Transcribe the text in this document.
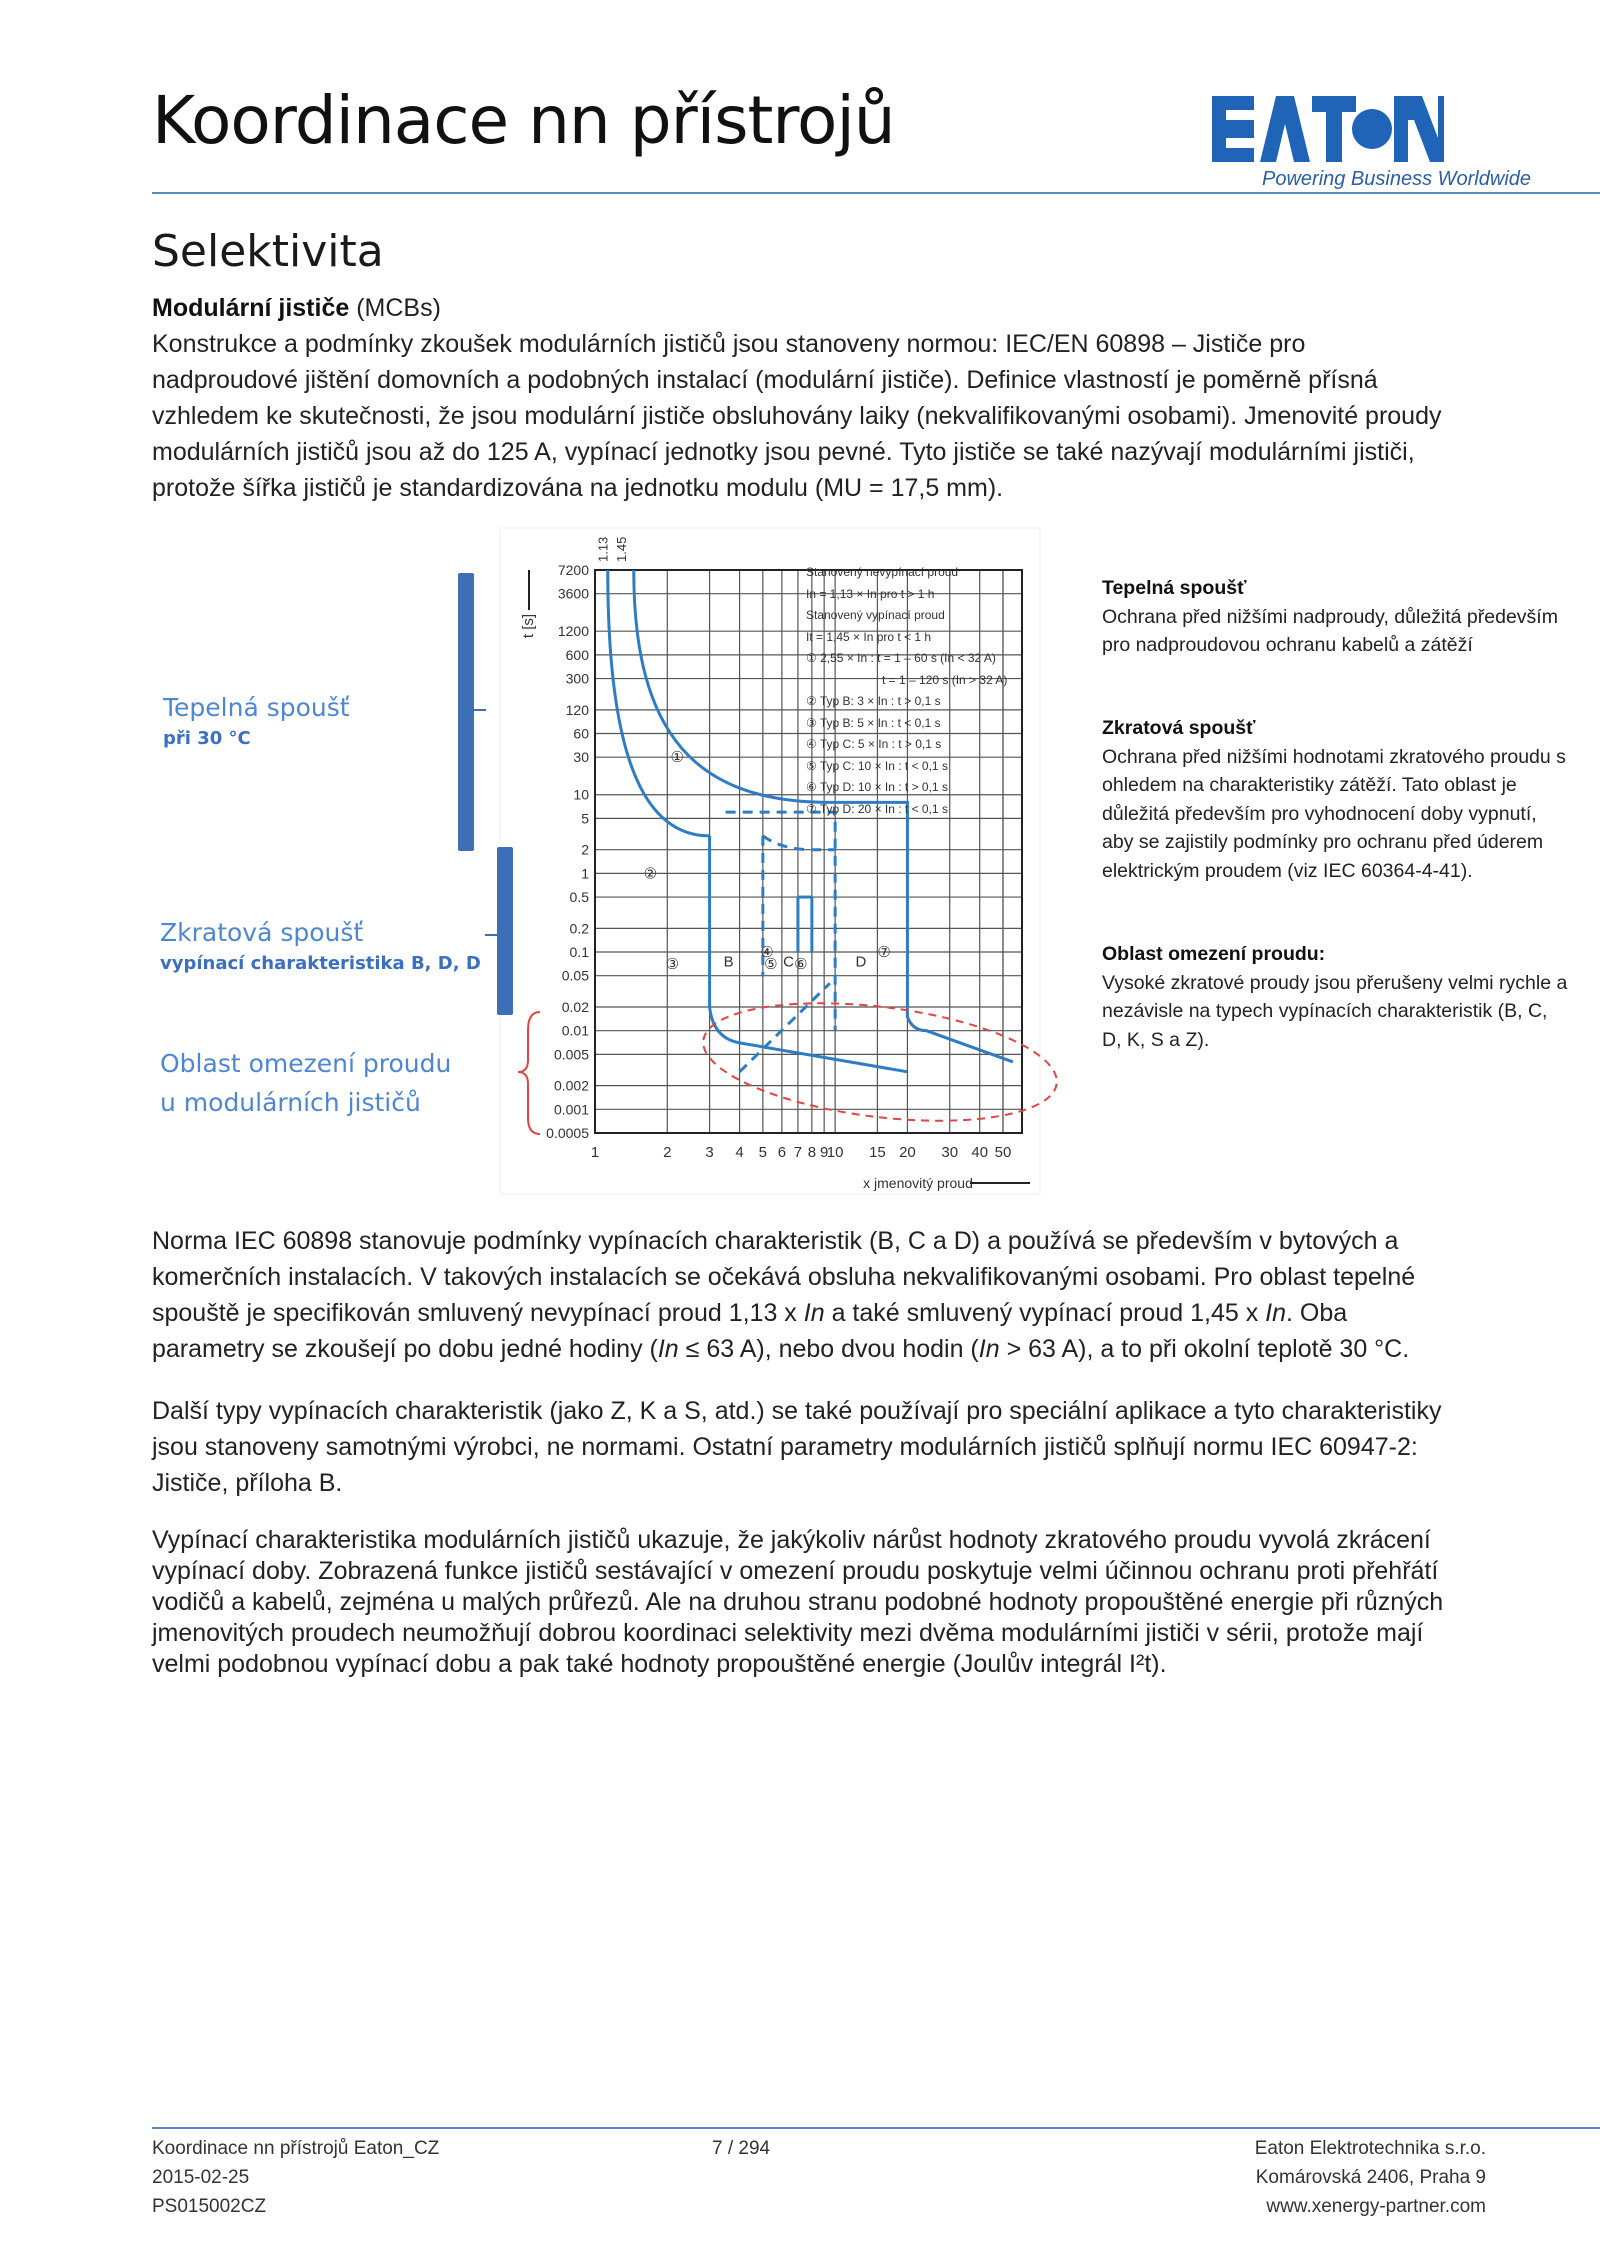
Koordinace nn přístrojů
Powering Business Worldwide
Selektivita

Modulární jističe (MCBs)
Konstrukce a podmínky zkoušek modulárních jističů jsou stanoveny normou: IEC/EN 60898 – Jističe pro nadproudové jištění domovních a podobných instalací (modulární jističe). Definice vlastností je poměrně přísná vzhledem ke skutečnosti, že jsou modulární jističe obsluhovány laiky (nekvalifikovanými osobami). Jmenovité proudy modulárních jističů jsou až do 125 A, vypínací jednotky jsou pevné. Tyto jističe se také nazývají modulárními jističi, protože šířka jističů je standardizována na jednotku modulu (MU = 17,5 mm).

7200
3600
1200
600
300
120
60
30
10
5
2
1
0.5
0.2
0.1
0.05
0.02
0.01
0.005
0.002
0.001
0.0005
1	2 3 4 5 6 7 8 9
10 15 20 30 40 50
1.13 1.45
t [s]
x jmenovitý proud
B	C	D
①
②
③
④
⑤ ⑥
⑦
Tepelná spoušť
při 30 °C
Zkratová spoušť
vypínací charakteristika B, D, D
Oblast omezení proudu
u modulárních jističů
Stanovený nevypínací proud
In = 1,13 × In pro t > 1 h
Stanovený vypínací proud
It = 1,45 × In pro t < 1 h
① 2,55 × In : t = 1 – 60 s (In < 32 A)
t = 1 – 120 s (In > 32 A)
② Typ B: 3 × In : t > 0,1 s
③ Typ B: 5 × In : t < 0,1 s
④ Typ C: 5 × In : t > 0,1 s
⑤ Typ C: 10 × In : t < 0,1 s
⑥ Typ D: 10 × In : t > 0,1 s
⑦ Typ D: 20 × In : t < 0,1 s
Tepelná spoušť
Ochrana před nižšími nadproudy, důležitá především pro nadproudovou ochranu kabelů a zátěží
Zkratová spoušť
Ochrana před nižšími hodnotami zkratového proudu s ohledem na charakteristiky zátěží. Tato oblast je důležitá především pro vyhodnocení doby vypnutí, aby se zajistily podmínky pro ochranu před úderem elektrickým proudem (viz IEC 60364-4-41).
Oblast omezení proudu:
Vysoké zkratové proudy jsou přerušeny velmi rychle a nezávisle na typech vypínacích charakteristik (B, C, D, K, S a Z).

Norma IEC 60898 stanovuje podmínky vypínacích charakteristik (B, C a D) a používá se především v bytových a komerčních instalacích. V takových instalacích se očekává obsluha nekvalifikovanými osobami. Pro oblast tepelné spouště je specifikován smluvený nevypínací proud 1,13 x In a také smluvený vypínací proud 1,45 x In. Oba parametry se zkoušejí po dobu jedné hodiny (In ≤ 63 A), nebo dvou hodin (In > 63 A), a to při okolní teplotě 30 °C.

Další typy vypínacích charakteristik (jako Z, K a S, atd.) se také používají pro speciální aplikace a tyto charakteristiky jsou stanoveny samotnými výrobci, ne normami. Ostatní parametry modulárních jističů splňují normu IEC 60947-2: Jističe, příloha B.

Vypínací charakteristika modulárních jističů ukazuje, že jakýkoliv nárůst hodnoty zkratového proudu vyvolá zkrácení vypínací doby. Zobrazená funkce jističů sestávající v omezení proudu poskytuje velmi účinnou ochranu proti přehřátí vodičů a kabelů, zejména u malých průřezů. Ale na druhou stranu podobné hodnoty propouštěné energie při různých jmenovitých proudech neumožňují dobrou koordinaci selektivity mezi dvěma modulárními jističi v sérii, protože mají velmi podobnou vypínací dobu a pak také hodnoty propouštěné energie (Joulův integrál I²t).

Koordinace nn přístrojů Eaton_CZ
2015-02-25
PS015002CZ
7 / 294	Eaton Elektrotechnika s.r.o.
Komárovská 2406, Praha 9
www.xenergy-partner.com
